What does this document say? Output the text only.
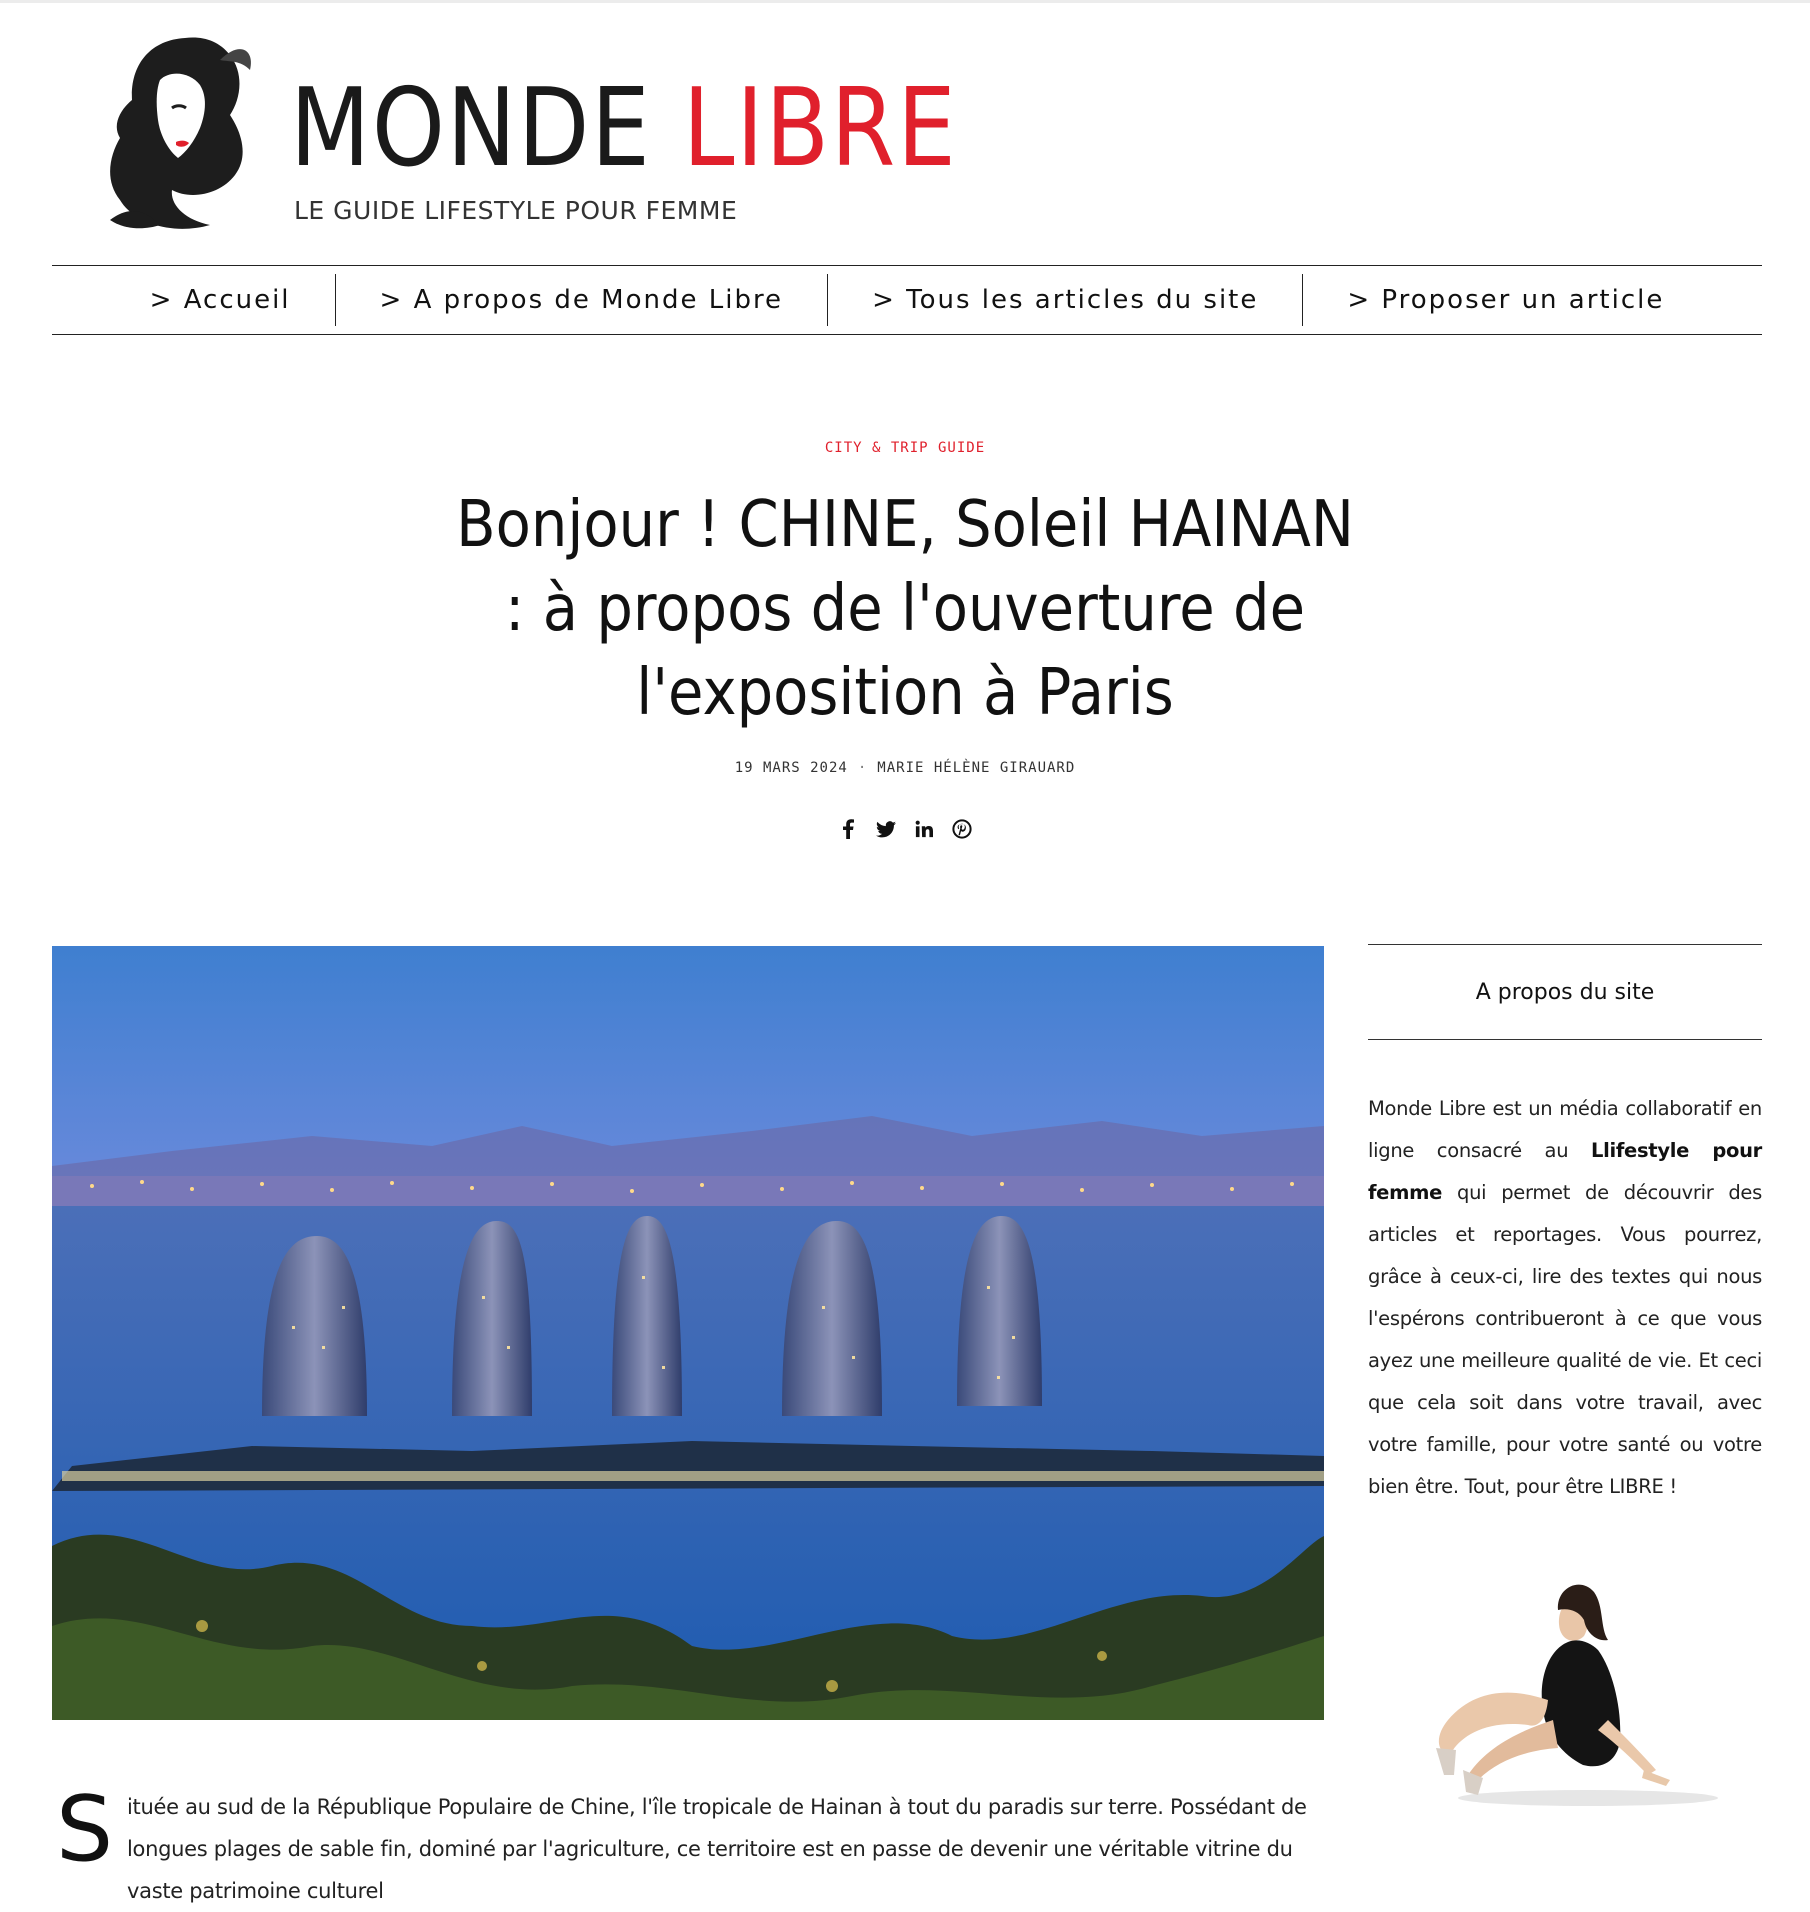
MONDE LIBRE
LE GUIDE LIFESTYLE POUR FEMME
> Accueil	> A propos de Monde Libre	> Tous les articles du site	> Proposer un article
CITY & TRIP GUIDE
Bonjour ! CHINE, Soleil HAINAN : à propos de l'ouverture de l'exposition à Paris
19 MARS 2024 · MARIE HÉLÈNE GIRAUARD
S ituée au sud de la République Populaire de Chine, l'île tropicale de Hainan à tout du paradis sur terre. Possédant de longues plages de sable fin, dominé par l'agriculture, ce territoire est en passe de devenir une véritable vitrine du vaste patrimoine culturel

A propos du site

Monde Libre est un média collaboratif en ligne consacré au Llifestyle pour femme qui permet de découvrir des articles et reportages. Vous pourrez, grâce à ceux-ci, lire des textes qui nous l'espérons contribueront à ce que vous ayez une meilleure qualité de vie. Et ceci que cela soit dans votre travail, avec votre famille, pour votre santé ou votre bien être. Tout, pour être LIBRE !
